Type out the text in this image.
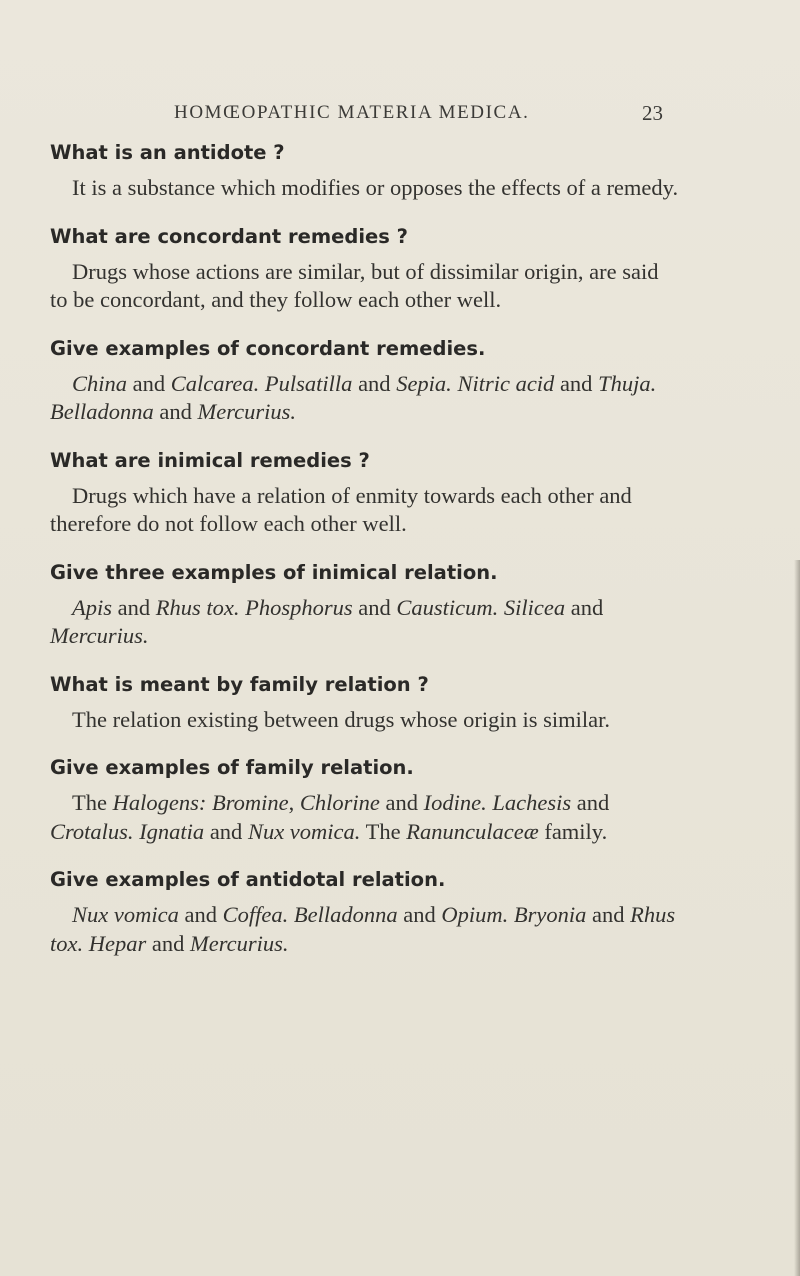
HOMŒOPATHIC MATERIA MEDICA.	23

What is an antidote ?

It is a substance which modifies or opposes the effects of a remedy.

What are concordant remedies ?

Drugs whose actions are similar, but of dissimilar origin, are said to be concordant, and they follow each other well.

Give examples of concordant remedies.

China and Calcarea. Pulsatilla and Sepia. Nitric acid and Thuja. Belladonna and Mercurius.

What are inimical remedies ?

Drugs which have a relation of enmity towards each other and therefore do not follow each other well.

Give three examples of inimical relation.

Apis and Rhus tox. Phosphorus and Causticum. Silicea and Mercurius.

What is meant by family relation ?

The relation existing between drugs whose origin is similar.

Give examples of family relation.

The Halogens: Bromine, Chlorine and Iodine. Lachesis and Crotalus. Ignatia and Nux vomica. The Ranunculaceæ family.

Give examples of antidotal relation.

Nux vomica and Coffea. Belladonna and Opium. Bryonia and Rhus tox. Hepar and Mercurius.
